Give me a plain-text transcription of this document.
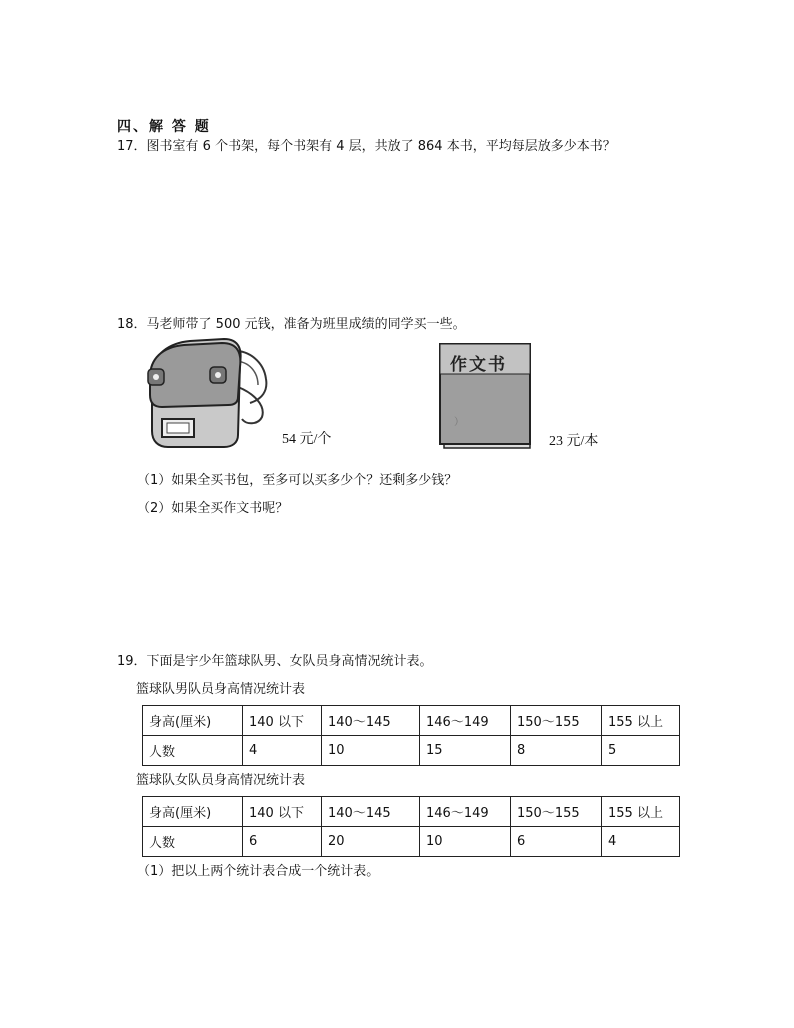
四、解 答 题
17．图书室有 6 个书架，每个书架有 4 层，共放了 864 本书，平均每层放多少本书？
18．马老师带了 500 元钱，准备为班里成绩的同学买一些。
54 元/个
）
作文书
23 元/本
（1）如果全买书包，至多可以买多少个？还剩多少钱？
（2）如果全买作文书呢？
19．下面是宇少年篮球队男、女队员身高情况统计表。
篮球队男队员身高情况统计表
身高(厘米)	140 以下	140～145	146～149	150～155	155 以上
人数	4	10	15	8	5
篮球队女队员身高情况统计表
身高(厘米)	140 以下	140～145	146～149	150～155	155 以上
人数	6	20	10	6	4
（1）把以上两个统计表合成一个统计表。
